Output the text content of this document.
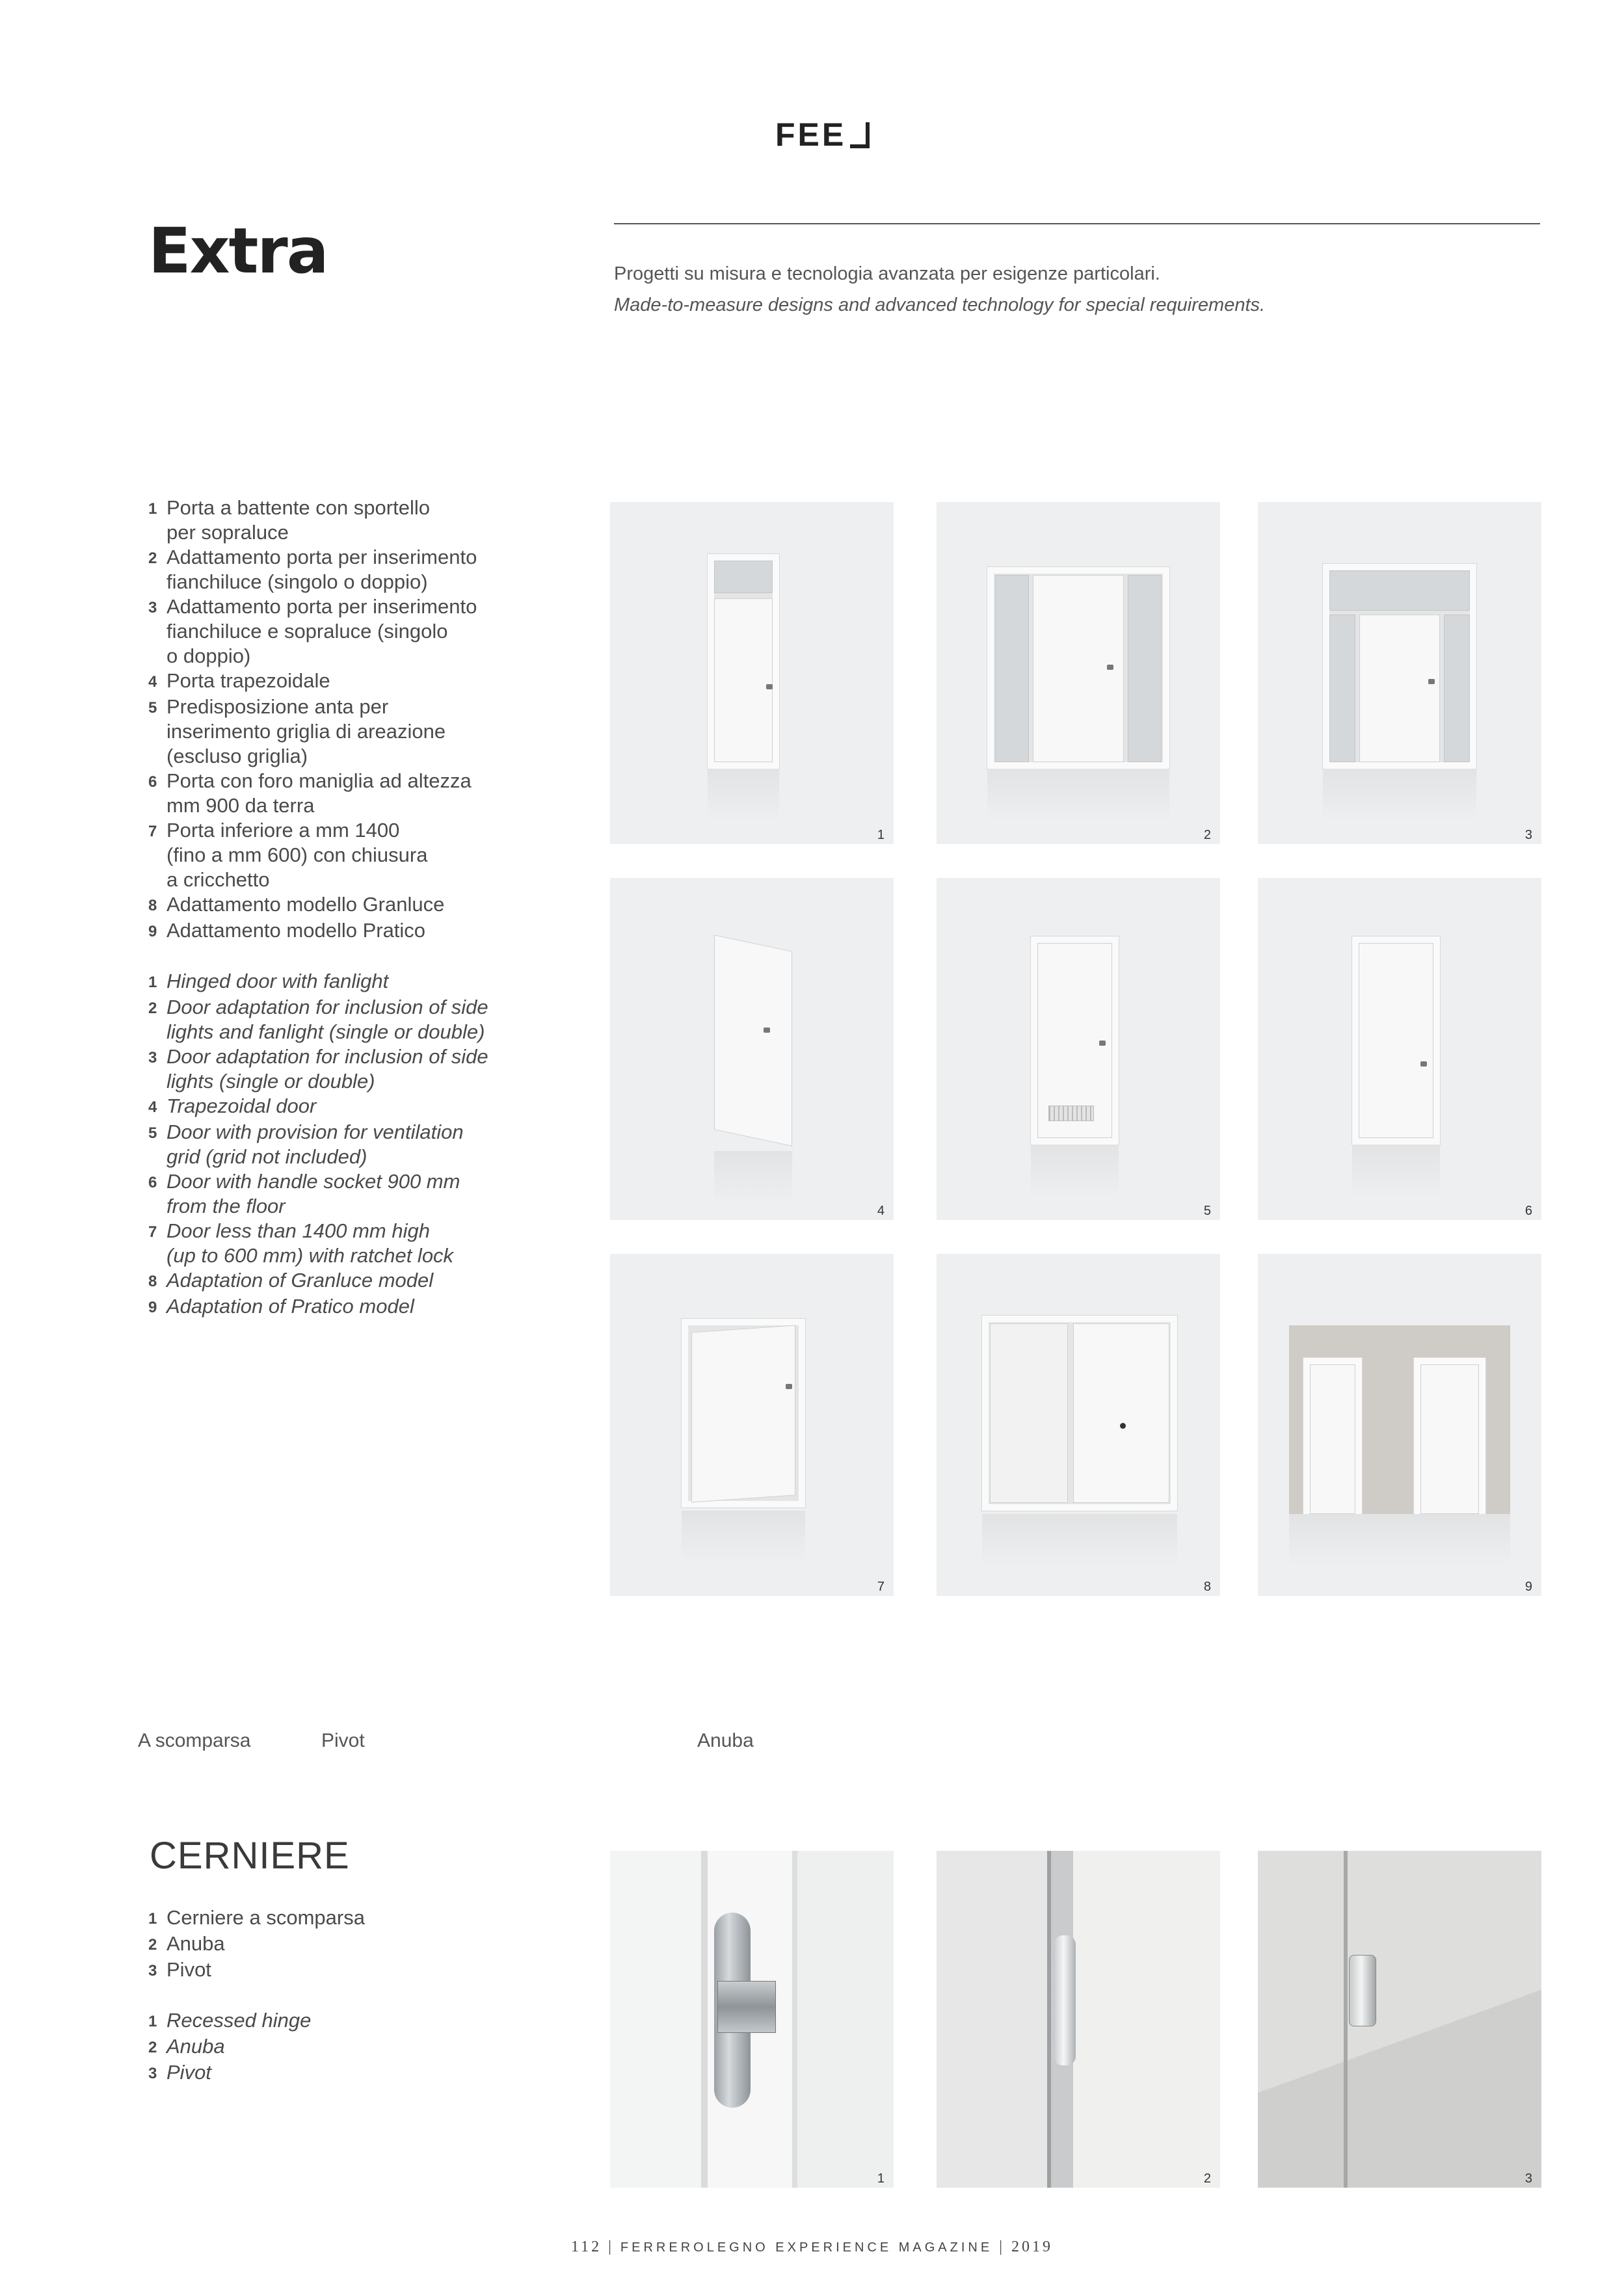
FEE
Extra	Progetti su misura e tecnologia avanzata per esigenze particolari.
Made-to-measure designs and advanced technology for special requirements.
1 Porta a battente con sportello
per sopraluce
2 Adattamento porta per inserimento
fianchiluce (singolo o doppio)
3 Adattamento porta per inserimento
fianchiluce e sopraluce (singolo
o doppio)
4 Porta trapezoidale
5 Predisposizione anta per
inserimento griglia di areazione
(escluso griglia)
6 Porta con foro maniglia ad altezza
mm 900 da terra
7 Porta inferiore a mm 1400
(fino a mm 600) con chiusura
a cricchetto
8 Adattamento modello Granluce
9 Adattamento modello Pratico
1 Hinged door with fanlight
2 Door adaptation for inclusion of side
lights and fanlight (single or double)
3 Door adaptation for inclusion of side
lights (single or double)
4 Trapezoidal door
5 Door with provision for ventilation
grid (grid not included)
6 Door with handle socket 900 mm
from the floor
7 Door less than 1400 mm high
(up to 600 mm) with ratchet lock
8 Adaptation of Granluce model
9 Adaptation of Pratico model
1	2	3
4	5	6
7	8	9
A scomparsa	Pivot	Anuba
CERNIERE
1 Cerniere a scomparsa
2 Anuba
3 Pivot
1 Recessed hinge
2 Anuba
3 Pivot
1	2	3
112 | FERREROLEGNO EXPERIENCE MAGAZINE | 2019
